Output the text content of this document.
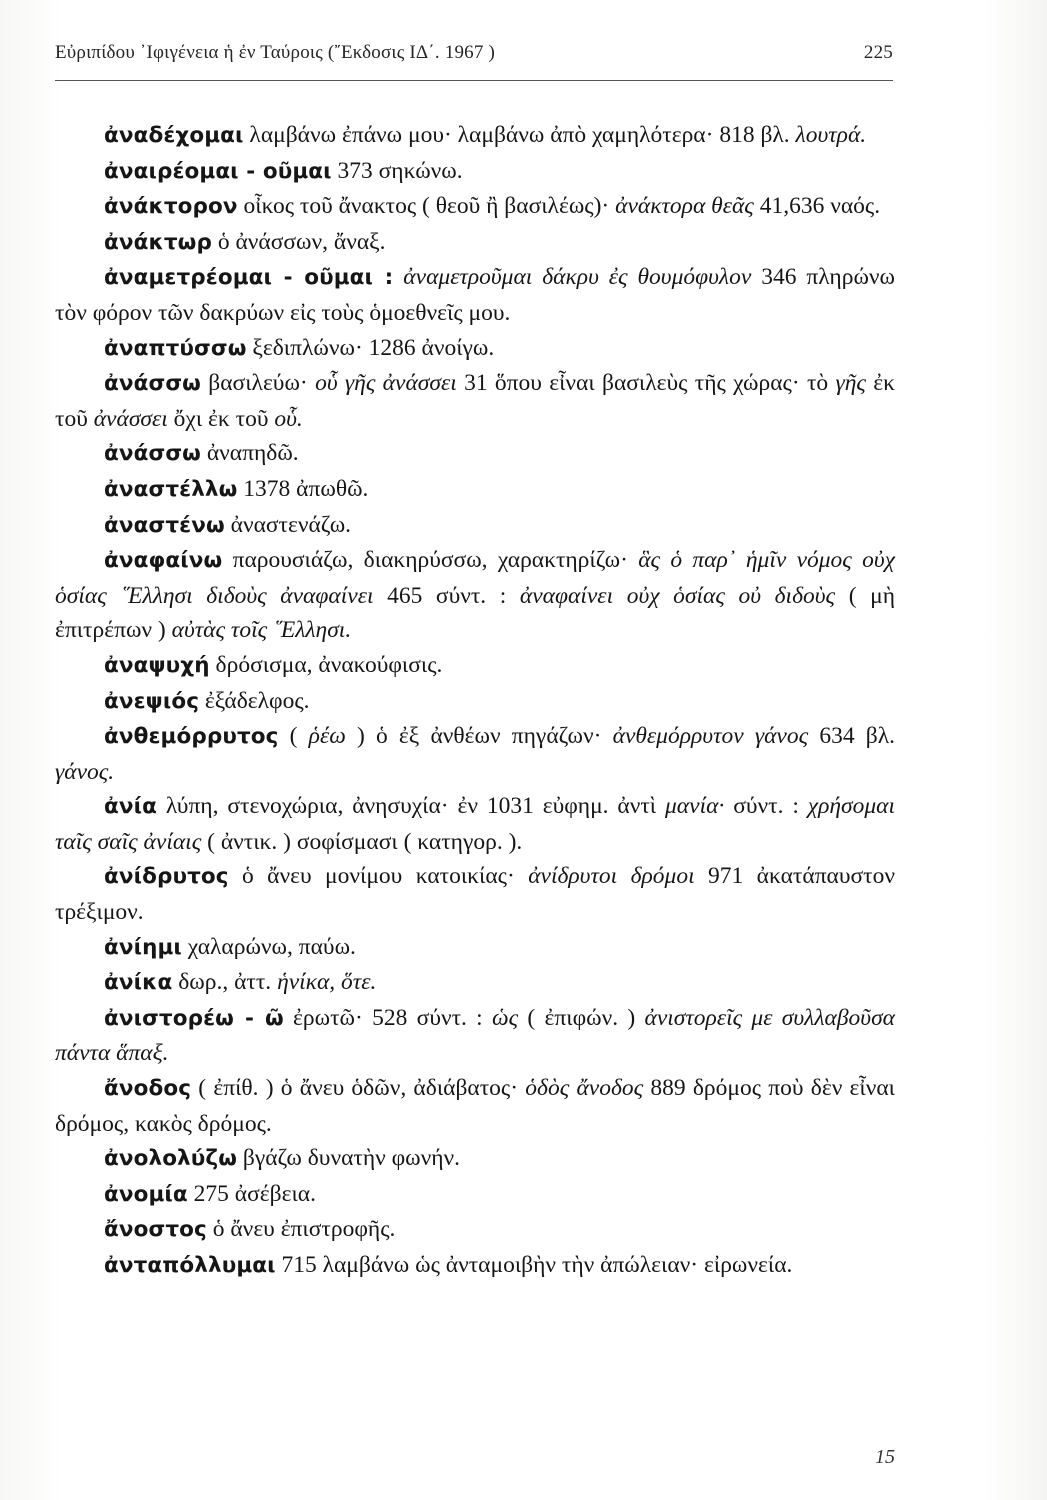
Εὐριπίδου ᾿Ιφιγένεια ἡ ἐν Ταύροις (῎Εκδοσις ΙΔ΄. 1967 )	225

ἀναδέχομαι λαμβάνω ἐπάνω μου· λαμβάνω ἀπὸ χαμηλότερα· 818 βλ. λουτρά.

ἀναιρέομαι - οῦμαι 373 σηκώνω.

ἀνάκτορον οἶκος τοῦ ἄνακτος ( θεοῦ ἢ βασιλέως)· ἀνάκτορα θεᾶς 41,636 ναός.

ἀνάκτωρ ὁ ἀνάσσων, ἄναξ.

ἀναμετρέομαι - οῦμαι : ἀναμετροῦμαι δάκρυ ἐς θουμόφυλον 346 πληρώνω τὸν φόρον τῶν δακρύων εἰς τοὺς ὁμοεθνεῖς μου.

ἀναπτύσσω ξεδιπλώνω· 1286 ἀνοίγω.

ἀνάσσω βασιλεύω· οὗ γῆς ἀνάσσει 31 ὅπου εἶναι βασιλεὺς τῆς χώρας· τὸ γῆς ἐκ τοῦ ἀνάσσει ὄχι ἐκ τοῦ οὗ.

ἀνάσσω ἀναπηδῶ.

ἀναστέλλω 1378 ἀπωθῶ.

ἀναστένω ἀναστενάζω.

ἀναφαίνω παρουσιάζω, διακηρύσσω, χαρακτηρίζω· ἃς ὁ παρ᾿ ἡμῖν νόμος οὐχ ὁσίας ῞Ελλησι διδοὺς ἀναφαίνει 465 σύντ. : ἀναφαίνει οὐχ ὁσίας οὐ διδοὺς ( μὴ ἐπιτρέπων ) αὐτὰς τοῖς ῞Ελλησι.

ἀναψυχή δρόσισμα, ἀνακούφισις.

ἀνεψιός ἐξάδελφος.

ἀνθεμόρρυτος ( ῥέω ) ὁ ἐξ ἀνθέων πηγάζων· ἀνθεμόρρυτον γάνος 634 βλ. γάνος.

ἀνία λύπη, στενοχώρια, ἀνησυχία· ἐν 1031 εὐφημ. ἀντὶ μανία· σύντ. : χρήσομαι ταῖς σαῖς ἀνίαις ( ἀντικ. ) σοφίσμασι ( κατηγορ. ).

ἀνίδρυτος ὁ ἄνευ μονίμου κατοικίας· ἀνίδρυτοι δρόμοι 971 ἀκατάπαυστον τρέξιμον.

ἀνίημι χαλαρώνω, παύω.

ἀνίκα δωρ., ἀττ. ἡνίκα, ὅτε.

ἀνιστορέω - ῶ ἐρωτῶ· 528 σύντ. : ὡς ( ἐπιφών. ) ἀνιστορεῖς με συλλαβοῦσα πάντα ἅπαξ.

ἄνοδος ( ἐπίθ. ) ὁ ἄνευ ὁδῶν, ἀδιάβατος· ὁδὸς ἄνοδος 889 δρόμος ποὺ δὲν εἶναι δρόμος, κακὸς δρόμος.

ἀνολολύζω βγάζω δυνατὴν φωνήν.

ἀνομία 275 ἀσέβεια.

ἄνοστος ὁ ἄνευ ἐπιστροφῆς.

ἀνταπόλλυμαι 715 λαμβάνω ὡς ἀνταμοιβὴν τὴν ἀπώλειαν· εἰρωνεία.

15
